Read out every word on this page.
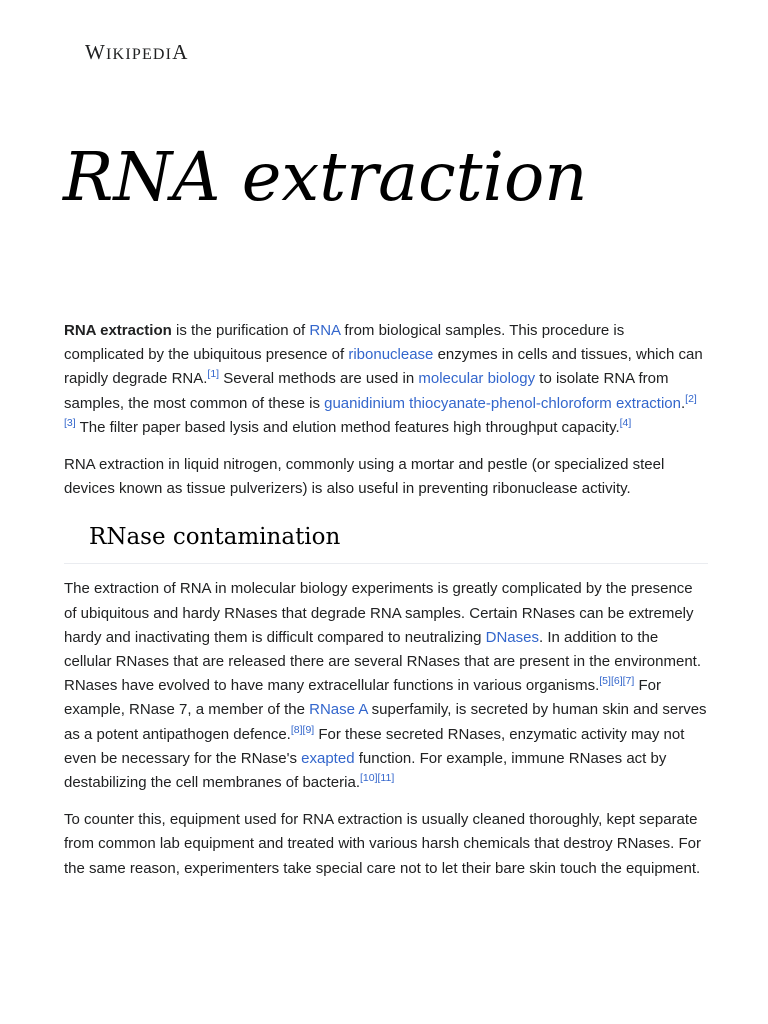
WIKIPEDIA
RNA extraction

RNA extraction is the purification of RNA from biological samples. This procedure is complicated by the ubiquitous presence of ribonuclease enzymes in cells and tissues, which can rapidly degrade RNA.[1] Several methods are used in molecular biology to isolate RNA from samples, the most common of these is guanidinium thiocyanate-phenol-chloroform extraction.[2][3] The filter paper based lysis and elution method features high throughput capacity.[4]

RNA extraction in liquid nitrogen, commonly using a mortar and pestle (or specialized steel devices known as tissue pulverizers) is also useful in preventing ribonuclease activity.

RNase contamination

The extraction of RNA in molecular biology experiments is greatly complicated by the presence of ubiquitous and hardy RNases that degrade RNA samples. Certain RNases can be extremely hardy and inactivating them is difficult compared to neutralizing DNases. In addition to the cellular RNases that are released there are several RNases that are present in the environment. RNases have evolved to have many extracellular functions in various organisms.[5][6][7] For example, RNase 7, a member of the RNase A superfamily, is secreted by human skin and serves as a potent antipathogen defence.[8][9] For these secreted RNases, enzymatic activity may not even be necessary for the RNase's exapted function. For example, immune RNases act by destabilizing the cell membranes of bacteria.[10][11]

To counter this, equipment used for RNA extraction is usually cleaned thoroughly, kept separate from common lab equipment and treated with various harsh chemicals that destroy RNases. For the same reason, experimenters take special care not to let their bare skin touch the equipment.
